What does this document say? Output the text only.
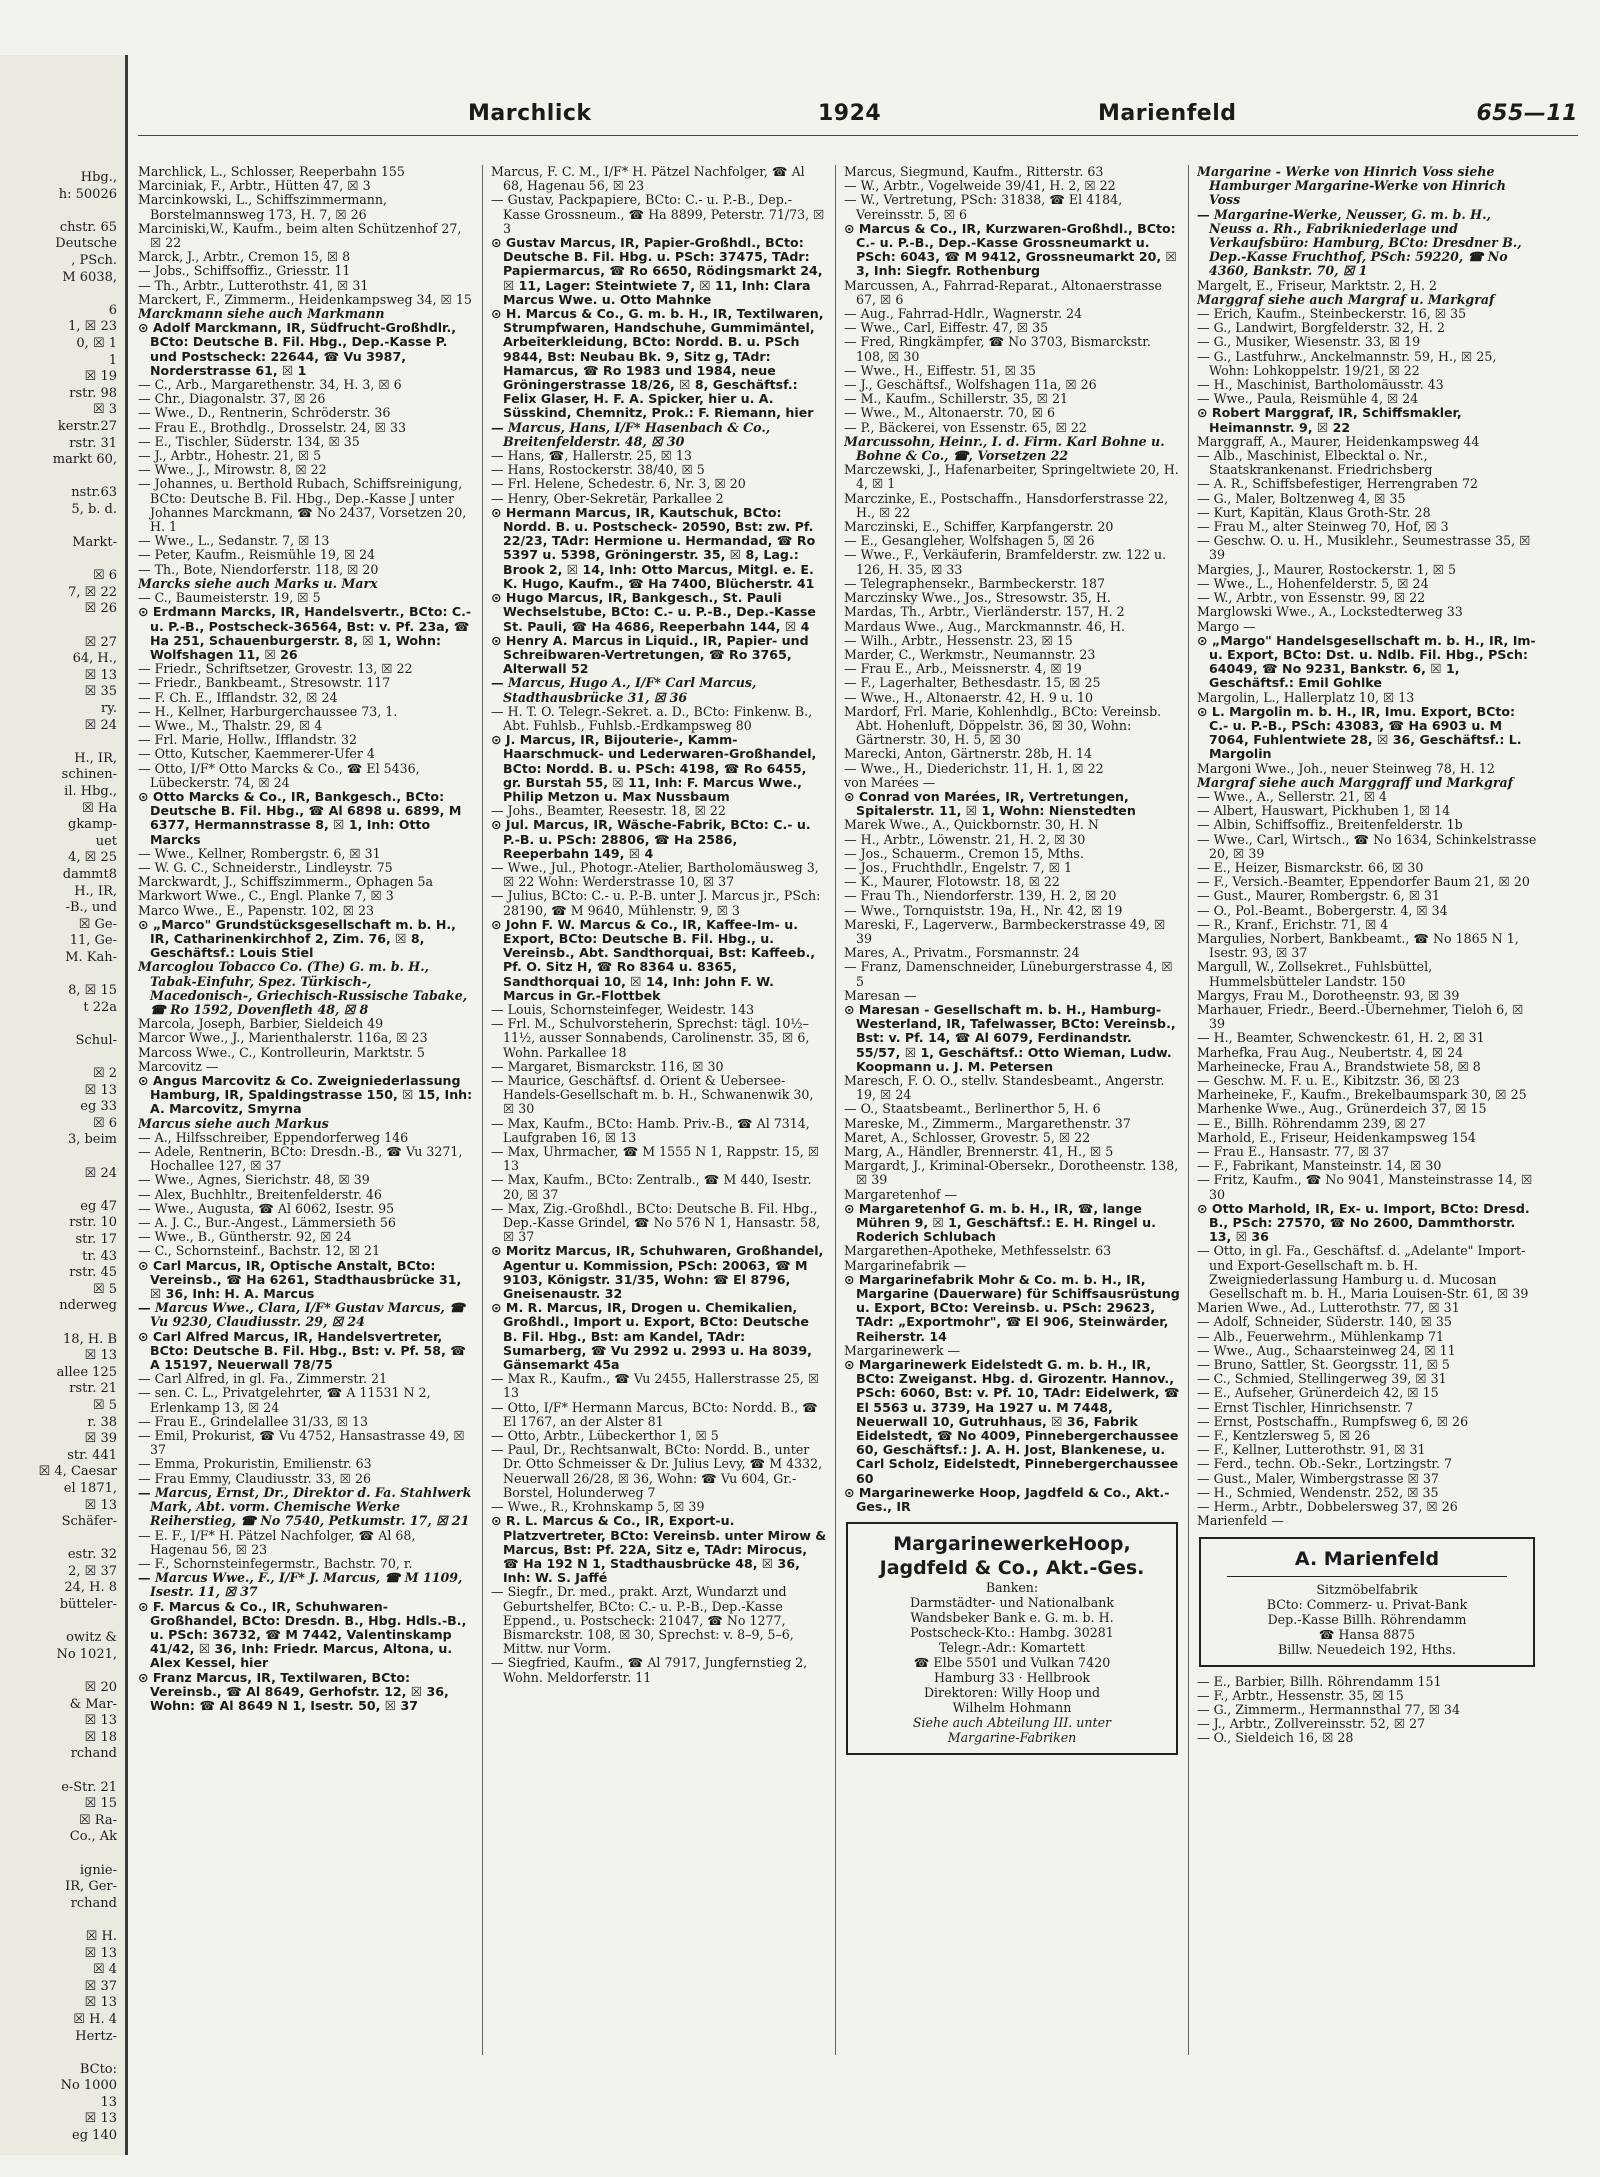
Hbg.,
h: 50026

chstr. 65
Deutsche
, PSch.
M 6038,

6
1, ☒ 23
0, ☒ 1
1
☒ 19
rstr. 98
☒ 3
kerstr.27
rstr. 31
markt 60,

nstr.63
5, b. d.

Markt-

☒ 6
7, ☒ 22
☒ 26

☒ 27
64, H.,
☒ 13
☒ 35
ry.
☒ 24

H., IR,
schinen-
il. Hbg.,
☒ Ha
gkamp-
uet
4, ☒ 25
dammt8
H., IR,
-B., und
☒ Ge-
11, Ge-
M. Kah-

8, ☒ 15
t 22a

Schul-

☒ 2
☒ 13
eg 33
☒ 6
3, beim

☒ 24

eg 47
rstr. 10
str. 17
tr. 43
rstr. 45
☒ 5
nderweg

18, H. B
☒ 13
allee 125
rstr. 21
☒ 5
r. 38
☒ 39
str. 441
☒ 4, Caesar
el 1871,
☒ 13
Schäfer-

estr. 32
2, ☒ 37
24, H. 8
bütteler-

owitz &
No 1021,

☒ 20
& Mar-
☒ 13
☒ 18
rchand

e-Str. 21
☒ 15
☒ Ra-
Co., Ak

ignie-
IR, Ger-
rchand

☒ H.
☒ 13
☒ 4
☒ 37
☒ 13
☒ H. 4
Hertz-

BCto:
No 1000
13
☒ 13
eg 140
Marchlick	1924	Marienfeld	655—11

Marchlick, L., Schlosser, Reeperbahn 155

Marciniak, F., Arbtr., Hütten 47, ☒ 3

Marcinkowski, L., Schiffszimmermann, Borstelmannsweg 173, H. 7, ☒ 26

Marciniski,W., Kaufm., beim alten Schützenhof 27, ☒ 22

Marck, J., Arbtr., Cremon 15, ☒ 8

— Jobs., Schiffsoffiz., Griesstr. 11

— Th., Arbtr., Lutterothstr. 41, ☒ 31

Marckert, F., Zimmerm., Heidenkampsweg 34, ☒ 15

Marckmann siehe auch Markmann

⊙ Adolf Marckmann, IR, Südfrucht-Großhdlr., BCto: Deutsche B. Fil. Hbg., Dep.-Kasse P. und Postscheck: 22644, ☎ Vu 3987, Norderstrasse 61, ☒ 1

— C., Arb., Margarethenstr. 34, H. 3, ☒ 6

— Chr., Diagonalstr. 37, ☒ 26

— Wwe., D., Rentnerin, Schröderstr. 36

— Frau E., Brothdlg., Drosselstr. 24, ☒ 33

— E., Tischler, Süderstr. 134, ☒ 35

— J., Arbtr., Hohestr. 21, ☒ 5

— Wwe., J., Mirowstr. 8, ☒ 22

— Johannes, u. Berthold Rubach, Schiffsreinigung, BCto: Deutsche B. Fil. Hbg., Dep.-Kasse J unter Johannes Marckmann, ☎ No 2437, Vorsetzen 20, H. 1

— Wwe., L., Sedanstr. 7, ☒ 13

— Peter, Kaufm., Reismühle 19, ☒ 24

— Th., Bote, Niendorferstr. 118, ☒ 20

Marcks siehe auch Marks u. Marx

— C., Baumeisterstr. 19, ☒ 5

⊙ Erdmann Marcks, IR, Handelsvertr., BCto: C.- u. P.-B., Postscheck-36564, Bst: v. Pf. 23a, ☎ Ha 251, Schauenburgerstr. 8, ☒ 1, Wohn: Wolfshagen 11, ☒ 26

— Friedr., Schriftsetzer, Grovestr. 13, ☒ 22

— Friedr., Bankbeamt., Stresowstr. 117

— F. Ch. E., Ifflandstr. 32, ☒ 24

— H., Kellner, Harburgerchaussee 73, 1.

— Wwe., M., Thalstr. 29, ☒ 4

— Frl. Marie, Hollw., Ifflandstr. 32

— Otto, Kutscher, Kaemmerer-Ufer 4

— Otto, I/F* Otto Marcks & Co., ☎ El 5436, Lübeckerstr. 74, ☒ 24

⊙ Otto Marcks & Co., IR, Bankgesch., BCto: Deutsche B. Fil. Hbg., ☎ Al 6898 u. 6899, M 6377, Hermannstrasse 8, ☒ 1, Inh: Otto Marcks

— Wwe., Kellner, Rombergstr. 6, ☒ 31

— W. G. C., Schneiderstr., Lindleystr. 75

Marckwardt, J., Schiffszimmerm., Ophagen 5a

Markwort Wwe., C., Engl. Planke 7, ☒ 3

Marco Wwe., E., Papenstr. 102, ☒ 23

⊙ „Marco" Grundstücksgesellschaft m. b. H., IR, Catharinenkirchhof 2, Zim. 76, ☒ 8, Geschäftsf.: Louis Stiel

Marcoglou Tobacco Co. (The) G. m. b. H., Tabak-Einfuhr, Spez. Türkisch-, Macedonisch-, Griechisch-Russische Tabake, ☎ Ro 1592, Dovenfleth 48, ☒ 8

Marcola, Joseph, Barbier, Sieldeich 49

Marcor Wwe., J., Marienthalerstr. 116a, ☒ 23

Marcoss Wwe., C., Kontrolleurin, Marktstr. 5

Marcovitz —

⊙ Angus Marcovitz & Co. Zweigniederlassung Hamburg, IR, Spaldingstrasse 150, ☒ 15, Inh: A. Marcovitz, Smyrna

Marcus siehe auch Markus

— A., Hilfsschreiber, Eppendorferweg 146

— Adele, Rentnerin, BCto: Dresdn.-B., ☎ Vu 3271, Hochallee 127, ☒ 37

— Wwe., Agnes, Sierichstr. 48, ☒ 39

— Alex, Buchhltr., Breitenfelderstr. 46

— Wwe., Augusta, ☎ Al 6062, Isestr. 95

— A. J. C., Bur.-Angest., Lämmersieth 56

— Wwe., B., Güntherstr. 92, ☒ 24

— C., Schornsteinf., Bachstr. 12, ☒ 21

⊙ Carl Marcus, IR, Optische Anstalt, BCto: Vereinsb., ☎ Ha 6261, Stadthausbrücke 31, ☒ 36, Inh: H. A. Marcus

— Marcus Wwe., Clara, I/F* Gustav Marcus, ☎ Vu 9230, Claudiusstr. 29, ☒ 24

⊙ Carl Alfred Marcus, IR, Handelsvertreter, BCto: Deutsche B. Fil. Hbg., Bst: v. Pf. 58, ☎ A 15197, Neuerwall 78/75

— Carl Alfred, in gl. Fa., Zimmerstr. 21

— sen. C. L., Privatgelehrter, ☎ A 11531 N 2, Erlenkamp 13, ☒ 24

— Frau E., Grindelallee 31/33, ☒ 13

— Emil, Prokurist, ☎ Vu 4752, Hansastrasse 49, ☒ 37

— Emma, Prokuristin, Emilienstr. 63

— Frau Emmy, Claudiusstr. 33, ☒ 26

— Marcus, Ernst, Dr., Direktor d. Fa. Stahlwerk Mark, Abt. vorm. Chemische Werke Reiherstieg, ☎ No 7540, Petkumstr. 17, ☒ 21

— E. F., I/F* H. Pätzel Nachfolger, ☎ Al 68, Hagenau 56, ☒ 23

— F., Schornsteinfegermstr., Bachstr. 70, r.

— Marcus Wwe., F., I/F* J. Marcus, ☎ M 1109, Isestr. 11, ☒ 37

⊙ F. Marcus & Co., IR, Schuhwaren-Großhandel, BCto: Dresdn. B., Hbg. Hdls.-B., u. PSch: 36732, ☎ M 7442, Valentinskamp 41/42, ☒ 36, Inh: Friedr. Marcus, Altona, u. Alex Kessel, hier

⊙ Franz Marcus, IR, Textilwaren, BCto: Vereinsb., ☎ Al 8649, Gerhofstr. 12, ☒ 36, Wohn: ☎ Al 8649 N 1, Isestr. 50, ☒ 37

Marcus, F. C. M., I/F* H. Pätzel Nachfolger, ☎ Al 68, Hagenau 56, ☒ 23

— Gustav, Packpapiere, BCto: C.- u. P.-B., Dep.-Kasse Grossneum., ☎ Ha 8899, Peterstr. 71/73, ☒ 3

⊙ Gustav Marcus, IR, Papier-Großhdl., BCto: Deutsche B. Fil. Hbg. u. PSch: 37475, TAdr: Papiermarcus, ☎ Ro 6650, Rödingsmarkt 24, ☒ 11, Lager: Steintwiete 7, ☒ 11, Inh: Clara Marcus Wwe. u. Otto Mahnke

⊙ H. Marcus & Co., G. m. b. H., IR, Textilwaren, Strumpfwaren, Handschuhe, Gummimäntel, Arbeiterkleidung, BCto: Nordd. B. u. PSch 9844, Bst: Neubau Bk. 9, Sitz g, TAdr: Hamarcus, ☎ Ro 1983 und 1984, neue Gröningerstrasse 18/26, ☒ 8, Geschäftsf.: Felix Glaser, H. F. A. Spicker, hier u. A. Süsskind, Chemnitz, Prok.: F. Riemann, hier

— Marcus, Hans, I/F* Hasenbach & Co., Breitenfelderstr. 48, ☒ 30

— Hans, ☎, Hallerstr. 25, ☒ 13

— Hans, Rostockerstr. 38/40, ☒ 5

— Frl. Helene, Schedestr. 6, Nr. 3, ☒ 20

— Henry, Ober-Sekretär, Parkallee 2

⊙ Hermann Marcus, IR, Kautschuk, BCto: Nordd. B. u. Postscheck- 20590, Bst: zw. Pf. 22/23, TAdr: Hermione u. Hermandad, ☎ Ro 5397 u. 5398, Gröningerstr. 35, ☒ 8, Lag.: Brook 2, ☒ 14, Inh: Otto Marcus, Mitgl. e. E. K. Hugo, Kaufm., ☎ Ha 7400, Blücherstr. 41

⊙ Hugo Marcus, IR, Bankgesch., St. Pauli Wechselstube, BCto: C.- u. P.-B., Dep.-Kasse St. Pauli, ☎ Ha 4686, Reeperbahn 144, ☒ 4

⊙ Henry A. Marcus in Liquid., IR, Papier- und Schreibwaren-Vertretungen, ☎ Ro 3765, Alterwall 52

— Marcus, Hugo A., I/F* Carl Marcus, Stadthausbrücke 31, ☒ 36

— H. T. O. Telegr.-Sekret. a. D., BCto: Finkenw. B., Abt. Fuhlsb., Fuhlsb.-Erdkampsweg 80

⊙ J. Marcus, IR, Bijouterie-, Kamm-Haarschmuck- und Lederwaren-Großhandel, BCto: Nordd. B. u. PSch: 4198, ☎ Ro 6455, gr. Burstah 55, ☒ 11, Inh: F. Marcus Wwe., Philip Metzon u. Max Nussbaum

— Johs., Beamter, Reesestr. 18, ☒ 22

⊙ Jul. Marcus, IR, Wäsche-Fabrik, BCto: C.- u. P.-B. u. PSch: 28806, ☎ Ha 2586, Reeperbahn 149, ☒ 4

— Wwe., Jul., Photogr.-Atelier, Bartholomäusweg 3, ☒ 22 Wohn: Werderstrasse 10, ☒ 37

— Julius, BCto: C.- u. P.-B. unter J. Marcus jr., PSch: 28190, ☎ M 9640, Mühlenstr. 9, ☒ 3

⊙ John F. W. Marcus & Co., IR, Kaffee-Im- u. Export, BCto: Deutsche B. Fil. Hbg., u. Vereinsb., Abt. Sandthorquai, Bst: Kaffeeb., Pf. O. Sitz H, ☎ Ro 8364 u. 8365, Sandthorquai 10, ☒ 14, Inh: John F. W. Marcus in Gr.-Flottbek

— Louis, Schornsteinfeger, Weidestr. 143

— Frl. M., Schulvorsteherin, Sprechst: tägl. 10½–11½, ausser Sonnabends, Carolinenstr. 35, ☒ 6, Wohn. Parkallee 18

— Margaret, Bismarckstr. 116, ☒ 30

— Maurice, Geschäftsf. d. Orient & Uebersee-Handels-Gesellschaft m. b. H., Schwanenwik 30, ☒ 30

— Max, Kaufm., BCto: Hamb. Priv.-B., ☎ Al 7314, Laufgraben 16, ☒ 13

— Max, Uhrmacher, ☎ M 1555 N 1, Rappstr. 15, ☒ 13

— Max, Kaufm., BCto: Zentralb., ☎ M 440, Isestr. 20, ☒ 37

— Max, Zig.-Großhdl., BCto: Deutsche B. Fil. Hbg., Dep.-Kasse Grindel, ☎ No 576 N 1, Hansastr. 58, ☒ 37

⊙ Moritz Marcus, IR, Schuhwaren, Großhandel, Agentur u. Kommission, PSch: 20063, ☎ M 9103, Königstr. 31/35, Wohn: ☎ El 8796, Gneisenaustr. 32

⊙ M. R. Marcus, IR, Drogen u. Chemikalien, Großhdl., Import u. Export, BCto: Deutsche B. Fil. Hbg., Bst: am Kandel, TAdr: Sumarberg, ☎ Vu 2992 u. 2993 u. Ha 8039, Gänsemarkt 45a

— Max R., Kaufm., ☎ Vu 2455, Hallerstrasse 25, ☒ 13

— Otto, I/F* Hermann Marcus, BCto: Nordd. B., ☎ El 1767, an der Alster 81

— Otto, Arbtr., Lübeckerthor 1, ☒ 5

— Paul, Dr., Rechtsanwalt, BCto: Nordd. B., unter Dr. Otto Schmeisser & Dr. Julius Levy, ☎ M 4332, Neuerwall 26/28, ☒ 36, Wohn: ☎ Vu 604, Gr.-Borstel, Holunderweg 7

— Wwe., R., Krohnskamp 5, ☒ 39

⊙ R. L. Marcus & Co., IR, Export-u. Platzvertreter, BCto: Vereinsb. unter Mirow & Marcus, Bst: Pf. 22A, Sitz e, TAdr: Mirocus, ☎ Ha 192 N 1, Stadthausbrücke 48, ☒ 36, Inh: W. S. Jaffé

— Siegfr., Dr. med., prakt. Arzt, Wundarzt und Geburtshelfer, BCto: C.- u. P.-B., Dep.-Kasse Eppend., u. Postscheck: 21047, ☎ No 1277, Bismarckstr. 108, ☒ 30, Sprechst: v. 8–9, 5–6, Mittw. nur Vorm.

— Siegfried, Kaufm., ☎ Al 7917, Jungfernstieg 2, Wohn. Meldorferstr. 11

Marcus, Siegmund, Kaufm., Ritterstr. 63

— W., Arbtr., Vogelweide 39/41, H. 2, ☒ 22

— W., Vertretung, PSch: 31838, ☎ El 4184, Vereinsstr. 5, ☒ 6

⊙ Marcus & Co., IR, Kurzwaren-Großhdl., BCto: C.- u. P.-B., Dep.-Kasse Grossneumarkt u. PSch: 6043, ☎ M 9412, Grossneumarkt 20, ☒ 3, Inh: Siegfr. Rothenburg

Marcussen, A., Fahrrad-Reparat., Altonaerstrasse 67, ☒ 6

— Aug., Fahrrad-Hdlr., Wagnerstr. 24

— Wwe., Carl, Eiffestr. 47, ☒ 35

— Fred, Ringkämpfer, ☎ No 3703, Bismarckstr. 108, ☒ 30

— Wwe., H., Eiffestr. 51, ☒ 35

— J., Geschäftsf., Wolfshagen 11a, ☒ 26

— M., Kaufm., Schillerstr. 35, ☒ 21

— Wwe., M., Altonaerstr. 70, ☒ 6

— P., Bäckerei, von Essenstr. 65, ☒ 22

Marcussohn, Heinr., I. d. Firm. Karl Bohne u. Bohne & Co., ☎, Vorsetzen 22

Marczewski, J., Hafenarbeiter, Springeltwiete 20, H. 4, ☒ 1

Marczinke, E., Postschaffn., Hansdorferstrasse 22, H., ☒ 22

Marczinski, E., Schiffer, Karpfangerstr. 20

— E., Gesangleher, Wolfshagen 5, ☒ 26

— Wwe., F., Verkäuferin, Bramfelderstr. zw. 122 u. 126, H. 35, ☒ 33

— Telegraphensekr., Barmbeckerstr. 187

Marczinsky Wwe., Jos., Stresowstr. 35, H.

Mardas, Th., Arbtr., Vierländerstr. 157, H. 2

Mardaus Wwe., Aug., Marckmannstr. 46, H.

— Wilh., Arbtr., Hessenstr. 23, ☒ 15

Marder, C., Werkmstr., Neumannstr. 23

— Frau E., Arb., Meissnerstr. 4, ☒ 19

— F., Lagerhalter, Bethesdastr. 15, ☒ 25

— Wwe., H., Altonaerstr. 42, H. 9 u. 10

Mardorf, Frl. Marie, Kohlenhdlg., BCto: Vereinsb. Abt. Hohenluft, Döppelstr. 36, ☒ 30, Wohn: Gärtnerstr. 30, H. 5, ☒ 30

Marecki, Anton, Gärtnerstr. 28b, H. 14

— Wwe., H., Diederichstr. 11, H. 1, ☒ 22

von Marées —

⊙ Conrad von Marées, IR, Vertretungen, Spitalerstr. 11, ☒ 1, Wohn: Nienstedten

Marek Wwe., A., Quickbornstr. 30, H. N

— H., Arbtr., Löwenstr. 21, H. 2, ☒ 30

— Jos., Schauerm., Cremon 15, Mths.

— Jos., Fruchthdlr., Engelstr. 7, ☒ 1

— K., Maurer, Flotowstr. 18, ☒ 22

— Frau Th., Niendorferstr. 139, H. 2, ☒ 20

— Wwe., Tornquiststr. 19a, H., Nr. 42, ☒ 19

Mareski, F., Lagerverw., Barmbeckerstrasse 49, ☒ 39

Mares, A., Privatm., Forsmannstr. 24

— Franz, Damenschneider, Lüneburgerstrasse 4, ☒ 5

Maresan —

⊙ Maresan - Gesellschaft m. b. H., Hamburg-Westerland, IR, Tafelwasser, BCto: Vereinsb., Bst: v. Pf. 14, ☎ Al 6079, Ferdinandstr. 55/57, ☒ 1, Geschäftsf.: Otto Wieman, Ludw. Koopmann u. J. M. Petersen

Maresch, F. O. O., stellv. Standesbeamt., Angerstr. 19, ☒ 24

— O., Staatsbeamt., Berlinerthor 5, H. 6

Mareske, M., Zimmerm., Margarethenstr. 37

Maret, A., Schlosser, Grovestr. 5, ☒ 22

Marg, A., Händler, Brennerstr. 41, H., ☒ 5

Margardt, J., Kriminal-Obersekr., Dorotheenstr. 138, ☒ 39

Margaretenhof —

⊙ Margaretenhof G. m. b. H., IR, ☎, lange Mühren 9, ☒ 1, Geschäftsf.: E. H. Ringel u. Roderich Schlubach

Margarethen-Apotheke, Methfesselstr. 63

Margarinefabrik —

⊙ Margarinefabrik Mohr & Co. m. b. H., IR, Margarine (Dauerware) für Schiffsausrüstung u. Export, BCto: Vereinsb. u. PSch: 29623, TAdr: „Exportmohr", ☎ El 906, Steinwärder, Reiherstr. 14

Margarinewerk —

⊙ Margarinewerk Eidelstedt G. m. b. H., IR, BCto: Zweiganst. Hbg. d. Girozentr. Hannov., PSch: 6060, Bst: v. Pf. 10, TAdr: Eidelwerk, ☎ El 5563 u. 3739, Ha 1927 u. M 7448, Neuerwall 10, Gutruhhaus, ☒ 36, Fabrik Eidelstedt, ☎ No 4009, Pinnebergerchaussee 60, Geschäftsf.: J. A. H. Jost, Blankenese, u. Carl Scholz, Eidelstedt, Pinnebergerchaussee 60

⊙ Margarinewerke Hoop, Jagdfeld & Co., Akt.-Ges., IR

MargarinewerkeHoop,
Jagdfeld & Co., Akt.-Ges.
Banken:
Darmstädter- und Nationalbank
Wandsbeker Bank e. G. m. b. H.
Postscheck-Kto.: Hambg. 30281
Telegr.-Adr.: Komartett
☎ Elbe 5501 und Vulkan 7420
Hamburg 33 · Hellbrook
Direktoren: Willy Hoop und
Wilhelm Hohmann
Siehe auch Abteilung III. unter
Margarine-Fabriken

Margarine - Werke von Hinrich Voss siehe Hamburger Margarine-Werke von Hinrich Voss

— Margarine-Werke, Neusser, G. m. b. H., Neuss a. Rh., Fabrikniederlage und Verkaufsbüro: Hamburg, BCto: Dresdner B., Dep.-Kasse Fruchthof, PSch: 59220, ☎ No 4360, Bankstr. 70, ☒ 1

Margelt, E., Friseur, Marktstr. 2, H. 2

Marggraf siehe auch Margraf u. Markgraf

— Erich, Kaufm., Steinbeckerstr. 16, ☒ 35

— G., Landwirt, Borgfelderstr. 32, H. 2

— G., Musiker, Wiesenstr. 33, ☒ 19

— G., Lastfuhrw., Anckelmannstr. 59, H., ☒ 25, Wohn: Lohkoppelstr. 19/21, ☒ 22

— H., Maschinist, Bartholomäusstr. 43

— Wwe., Paula, Reismühle 4, ☒ 24

⊙ Robert Marggraf, IR, Schiffsmakler, Heimannstr. 9, ☒ 22

Marggraff, A., Maurer, Heidenkampsweg 44

— Alb., Maschinist, Elbecktal o. Nr., Staatskrankenanst. Friedrichsberg

— A. R., Schiffsbefestiger, Herrengraben 72

— G., Maler, Boltzenweg 4, ☒ 35

— Kurt, Kapitän, Klaus Groth-Str. 28

— Frau M., alter Steinweg 70, Hof, ☒ 3

— Geschw. O. u. H., Musiklehr., Seumestrasse 35, ☒ 39

Margies, J., Maurer, Rostockerstr. 1, ☒ 5

— Wwe., L., Hohenfelderstr. 5, ☒ 24

— W., Arbtr., von Essenstr. 99, ☒ 22

Marglowski Wwe., A., Lockstedterweg 33

Margo —

⊙ „Margo" Handelsgesellschaft m. b. H., IR, Im- u. Export, BCto: Dst. u. Ndlb. Fil. Hbg., PSch: 64049, ☎ No 9231, Bankstr. 6, ☒ 1, Geschäftsf.: Emil Gohlke

Margolin, L., Hallerplatz 10, ☒ 13

⊙ L. Margolin m. b. H., IR, Imu. Export, BCto: C.- u. P.-B., PSch: 43083, ☎ Ha 6903 u. M 7064, Fuhlentwiete 28, ☒ 36, Geschäftsf.: L. Margolin

Margoni Wwe., Joh., neuer Steinweg 78, H. 12

Margraf siehe auch Marggraff und Markgraf

— Wwe., A., Sellerstr. 21, ☒ 4

— Albert, Hauswart, Pickhuben 1, ☒ 14

— Albin, Schiffsoffiz., Breitenfelderstr. 1b

— Wwe., Carl, Wirtsch., ☎ No 1634, Schinkelstrasse 20, ☒ 39

— E., Heizer, Bismarckstr. 66, ☒ 30

— F., Versich.-Beamter, Eppendorfer Baum 21, ☒ 20

— Gust., Maurer, Rombergstr. 6, ☒ 31

— O., Pol.-Beamt., Bobergerstr. 4, ☒ 34

— R., Kranf., Erichstr. 71, ☒ 4

Margulies, Norbert, Bankbeamt., ☎ No 1865 N 1, Isestr. 93, ☒ 37

Margull, W., Zollsekret., Fuhlsbüttel, Hummelsbütteler Landstr. 150

Margys, Frau M., Dorotheenstr. 93, ☒ 39

Marhauer, Friedr., Beerd.-Übernehmer, Tieloh 6, ☒ 39

— H., Beamter, Schwenckestr. 61, H. 2, ☒ 31

Marhefka, Frau Aug., Neubertstr. 4, ☒ 24

Marheinecke, Frau A., Brandstwiete 58, ☒ 8

— Geschw. M. F. u. E., Kibitzstr. 36, ☒ 23

Marheineke, F., Kaufm., Brekelbaumspark 30, ☒ 25

Marhenke Wwe., Aug., Grünerdeich 37, ☒ 15

— E., Billh. Röhrendamm 239, ☒ 27

Marhold, E., Friseur, Heidenkampsweg 154

— Frau E., Hansastr. 77, ☒ 37

— F., Fabrikant, Mansteinstr. 14, ☒ 30

— Fritz, Kaufm., ☎ No 9041, Mansteinstrasse 14, ☒ 30

⊙ Otto Marhold, IR, Ex- u. Import, BCto: Dresd. B., PSch: 27570, ☎ No 2600, Dammthorstr. 13, ☒ 36

— Otto, in gl. Fa., Geschäftsf. d. „Adelante" Import- und Export-Gesellschaft m. b. H. Zweigniederlassung Hamburg u. d. Mucosan Gesellschaft m. b. H., Maria Louisen-Str. 61, ☒ 39

Marien Wwe., Ad., Lutterothstr. 77, ☒ 31

— Adolf, Schneider, Süderstr. 140, ☒ 35

— Alb., Feuerwehrm., Mühlenkamp 71

— Wwe., Aug., Schaarsteinweg 24, ☒ 11

— Bruno, Sattler, St. Georgsstr. 11, ☒ 5

— C., Schmied, Stellingerweg 39, ☒ 31

— E., Aufseher, Grünerdeich 42, ☒ 15

— Ernst Tischler, Hinrichsenstr. 7

— Ernst, Postschaffn., Rumpfsweg 6, ☒ 26

— F., Kentzlersweg 5, ☒ 26

— F., Kellner, Lutterothstr. 91, ☒ 31

— Ferd., techn. Ob.-Sekr., Lortzingstr. 7

— Gust., Maler, Wimbergstrasse ☒ 37

— H., Schmied, Wendenstr. 252, ☒ 35

— Herm., Arbtr., Dobbelersweg 37, ☒ 26

Marienfeld —

A. Marienfeld
Sitzmöbelfabrik
BCto: Commerz- u. Privat-Bank
Dep.-Kasse Billh. Röhrendamm
☎ Hansa 8875
Billw. Neuedeich 192, Hths.

— E., Barbier, Billh. Röhrendamm 151

— F., Arbtr., Hessenstr. 35, ☒ 15

— G., Zimmerm., Hermannsthal 77, ☒ 34

— J., Arbtr., Zollvereinsstr. 52, ☒ 27

— O., Sieldeich 16, ☒ 28
